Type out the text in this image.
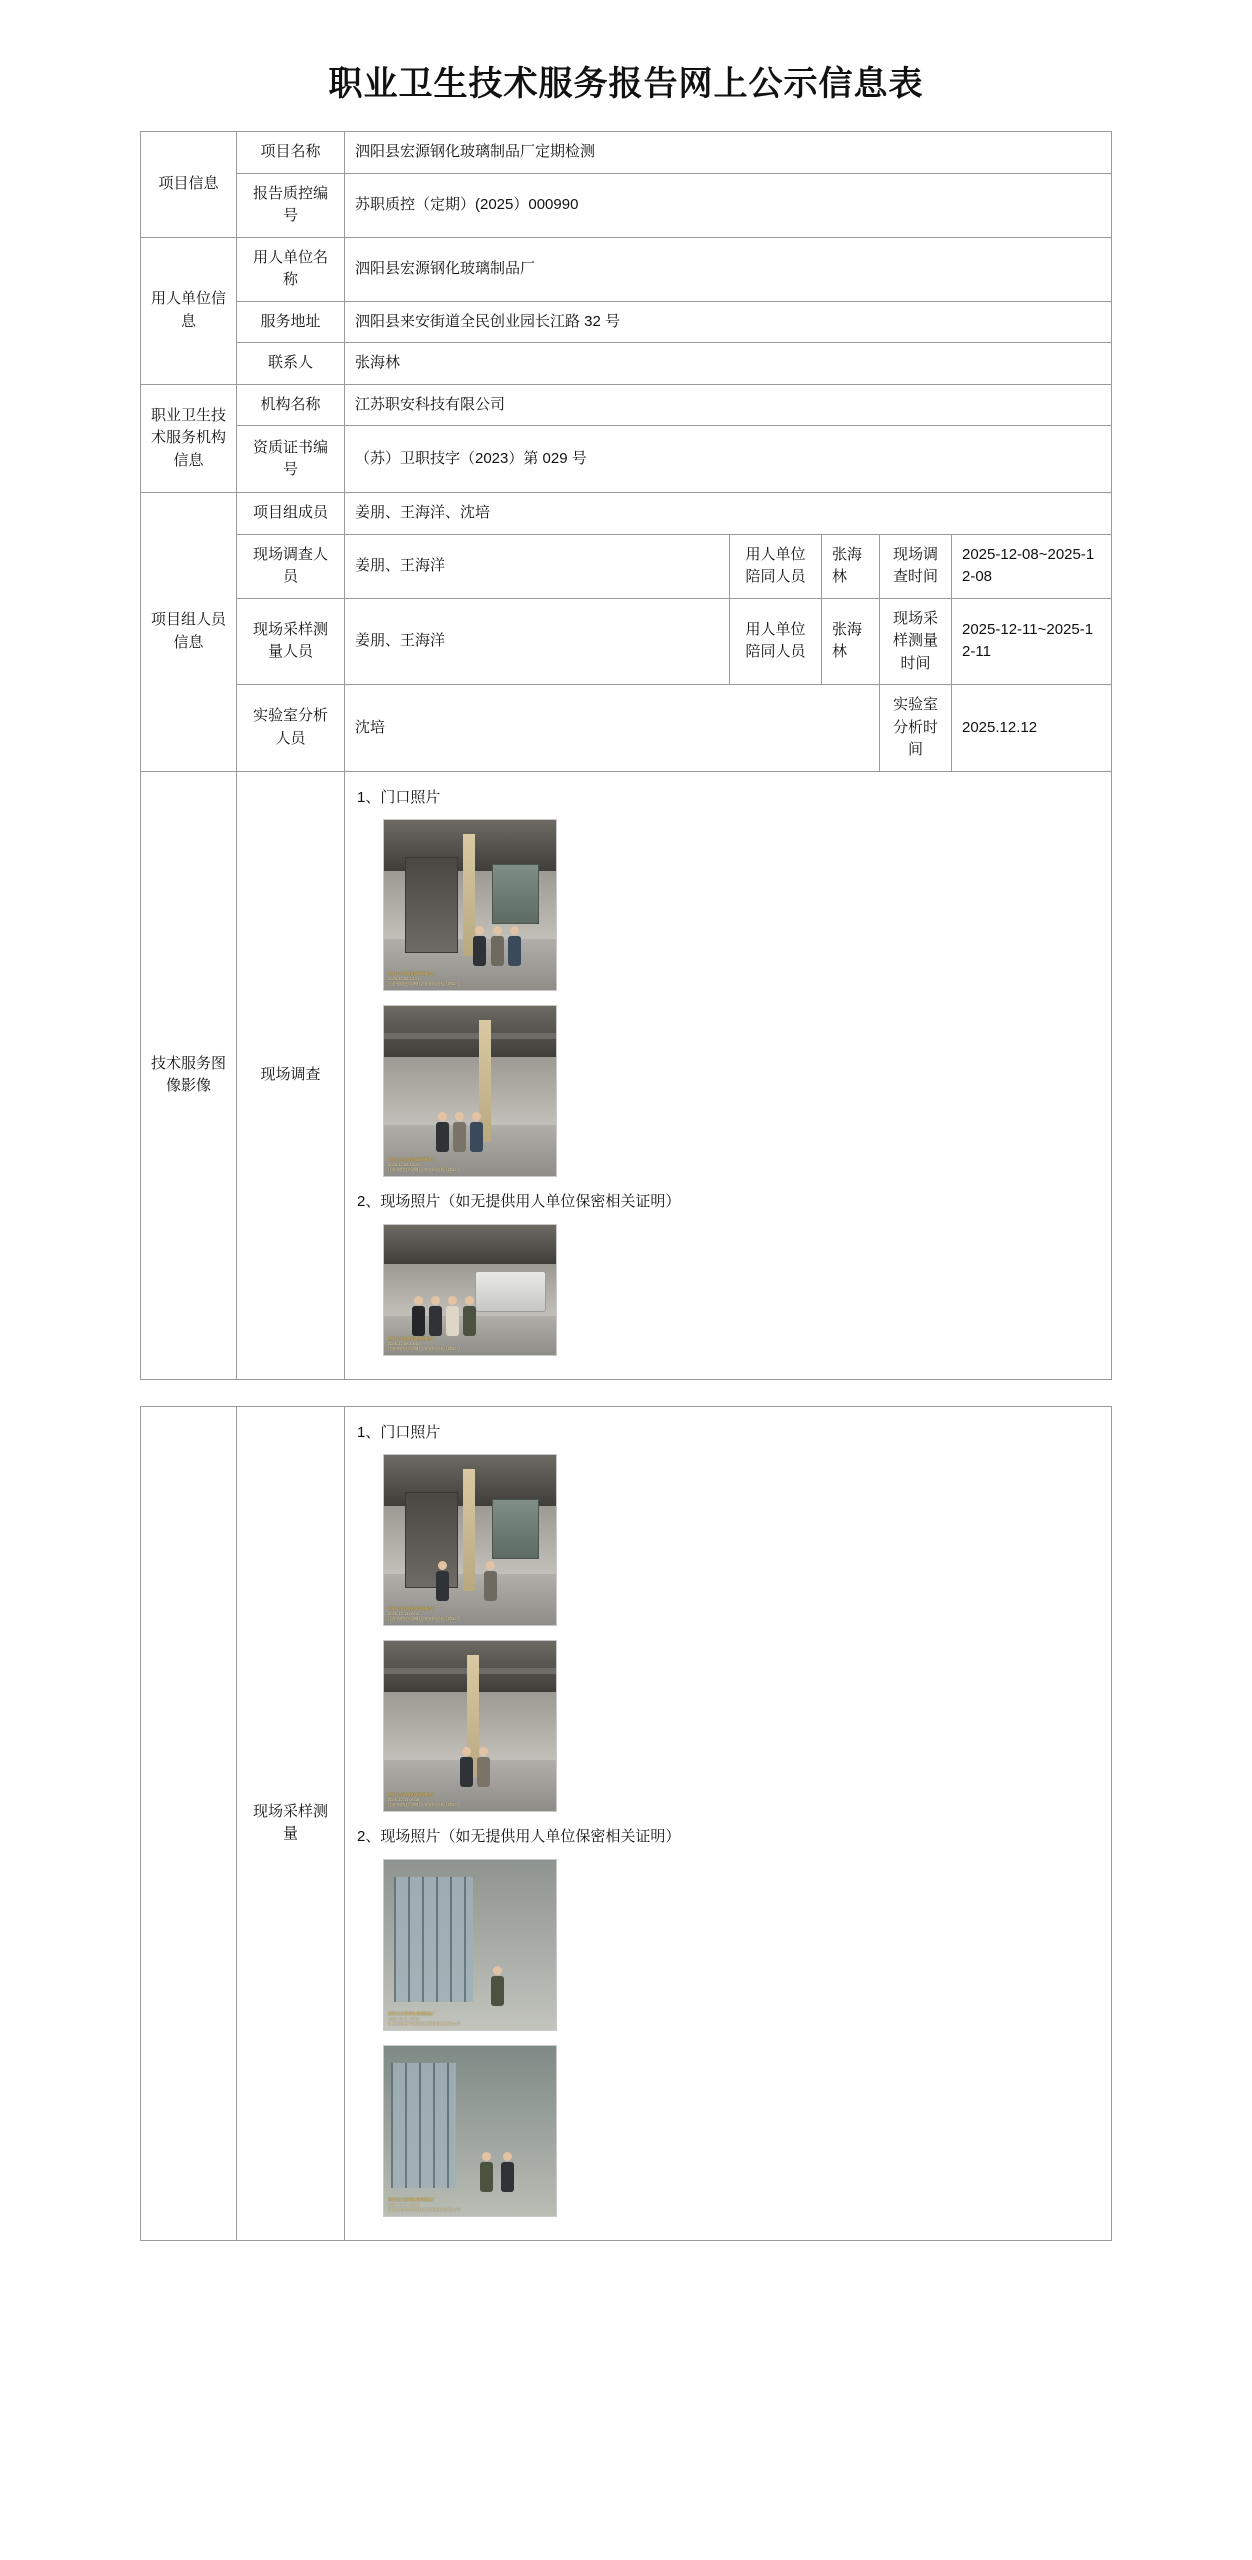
职业卫生技术服务报告网上公示信息表
项目信息	项目名称	泗阳县宏源钢化玻璃制品厂定期检测				
	报告质控编号	苏职质控（定期）(2025）000990				
用人单位信息	用人单位名称	泗阳县宏源钢化玻璃制品厂				
	服务地址	泗阳县来安街道全民创业园长江路 32 号				
	联系人	张海林				
职业卫生技术服务机构信息	机构名称	江苏职安科技有限公司				
	资质证书编号	（苏）卫职技字（2023）第 029 号				
项目组人员信息	项目组成员	姜朋、王海洋、沈培				
	现场调查人员	姜朋、王海洋	用人单位陪同人员	张海林	现场调查时间	2025-12-08~2025-12-08
	现场采样测量人员	姜朋、王海洋	用人单位陪同人员	张海林	现场采样测量时间	2025-12-11~2025-12-11
	实验室分析人员	沈培			实验室分析时间	2025.12.12
技术服务图像影像	现场调查	
1、门口照片
泗阳县宏源钢化玻璃制品厂
2025-12-08 10:21
江苏省宿迁市泗阳县来安街道长江路32号
泗阳县宏源钢化玻璃制品厂
2025-12-08 10:23
江苏省宿迁市泗阳县来安街道长江路32号
2、现场照片（如无提供用人单位保密相关证明）
泗阳县宏源钢化玻璃制品厂
2025-12-08 10:45
江苏省宿迁市泗阳县来安街道长江路32号
	现场采样测量	
1、门口照片
泗阳县宏源钢化玻璃制品厂
2025-12-11 09:12
江苏省宿迁市泗阳县来安街道长江路32号
泗阳县宏源钢化玻璃制品厂
2025-12-11 09:15
江苏省宿迁市泗阳县来安街道长江路32号
2、现场照片（如无提供用人单位保密相关证明）
泗阳县宏源钢化玻璃制品厂
2025-12-11 10:02
江苏省宿迁市泗阳县来安街道长江路32号
泗阳县宏源钢化玻璃制品厂
2025-12-11 10:30
江苏省宿迁市泗阳县来安街道长江路32号
